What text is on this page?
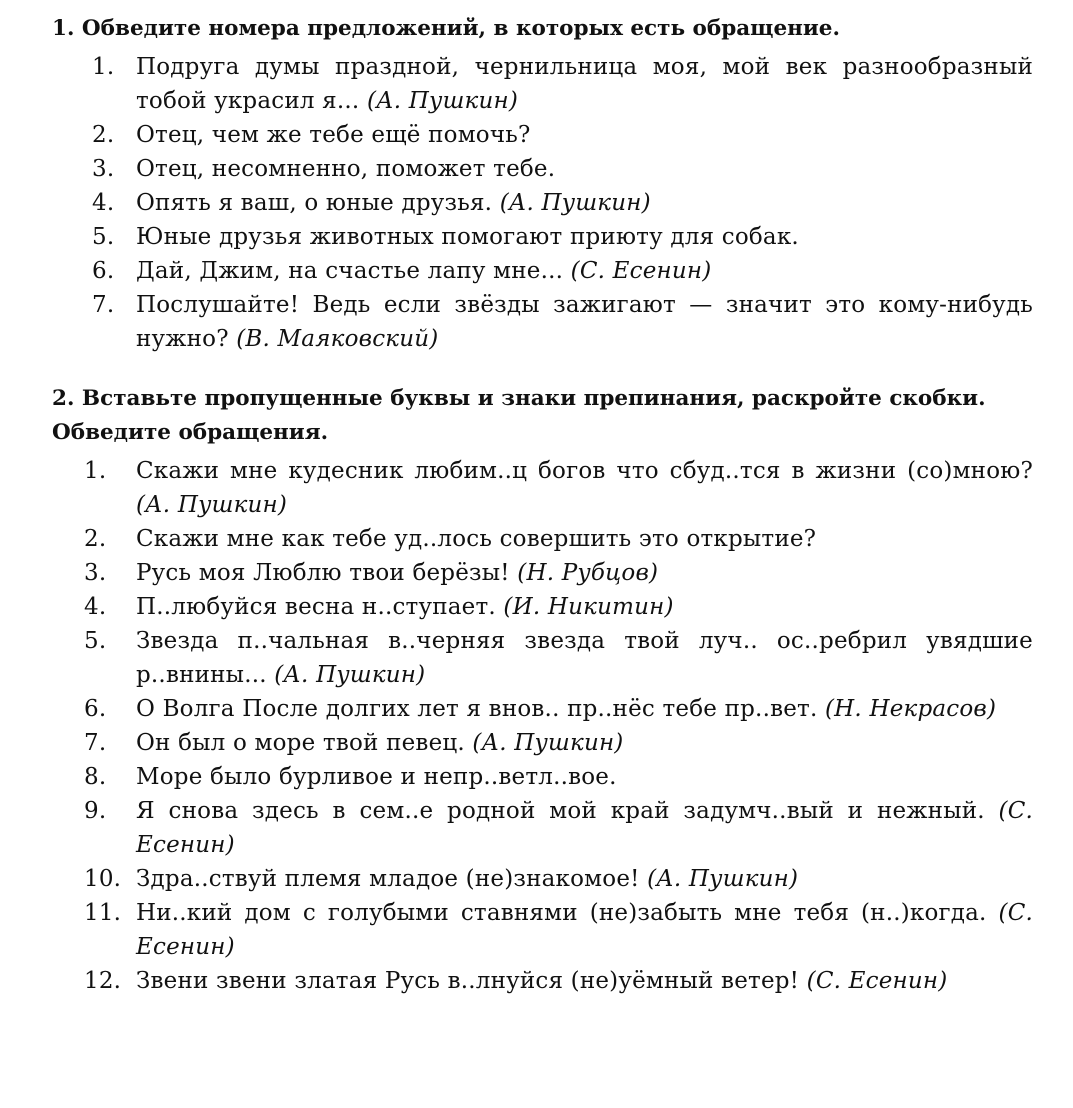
1. Обведите номера предложений, в которых есть обращение.

1. Подруга думы праздной, чернильница моя, мой век разнообразный тобой украсил я... (А. Пушкин)
2. Отец, чем же тебе ещё помочь?
3. Отец, несомненно, поможет тебе.
4. Опять я ваш, о юные друзья. (А. Пушкин)
5. Юные друзья животных помогают приюту для собак.
6. Дай, Джим, на счастье лапу мне... (С. Есенин)
7. Послушайте! Ведь если звёзды зажигают — значит это кому-нибудь нужно? (В. Маяковский)

2. Вставьте пропущенные буквы и знаки препинания, раскройте скобки. Обведите обращения.

1.	Скажи мне кудесник любим..ц богов что сбуд..тся в жизни (со)мною? (А. Пушкин)
2.	Скажи мне как тебе уд..лось совершить это открытие?
3.	Русь моя Люблю твои берёзы! (Н. Рубцов)
4.	П..любуйся весна н..ступает. (И. Никитин)
5.	Звезда п..чальная в..черняя звезда твой луч.. ос..ребрил увядшие р..внины... (А. Пушкин)
6.	О Волга После долгих лет я внов.. пр..нёс тебе пр..вет. (Н. Некрасов)
7.	Он был о море твой певец. (А. Пушкин)
8.	Море было бурливое и непр..ветл..вое.
9.	Я снова здесь в сем..е родной мой край задумч..вый и нежный. (С. Есенин)
10. Здра..ствуй племя младое (не)знакомое! (А. Пушкин)
11. Ни..кий дом с голубыми ставнями (не)забыть мне тебя (н..)когда. (С. Есенин)
12. Звени звени златая Русь в..лнуйся (не)уёмный ветер! (С. Есенин)
